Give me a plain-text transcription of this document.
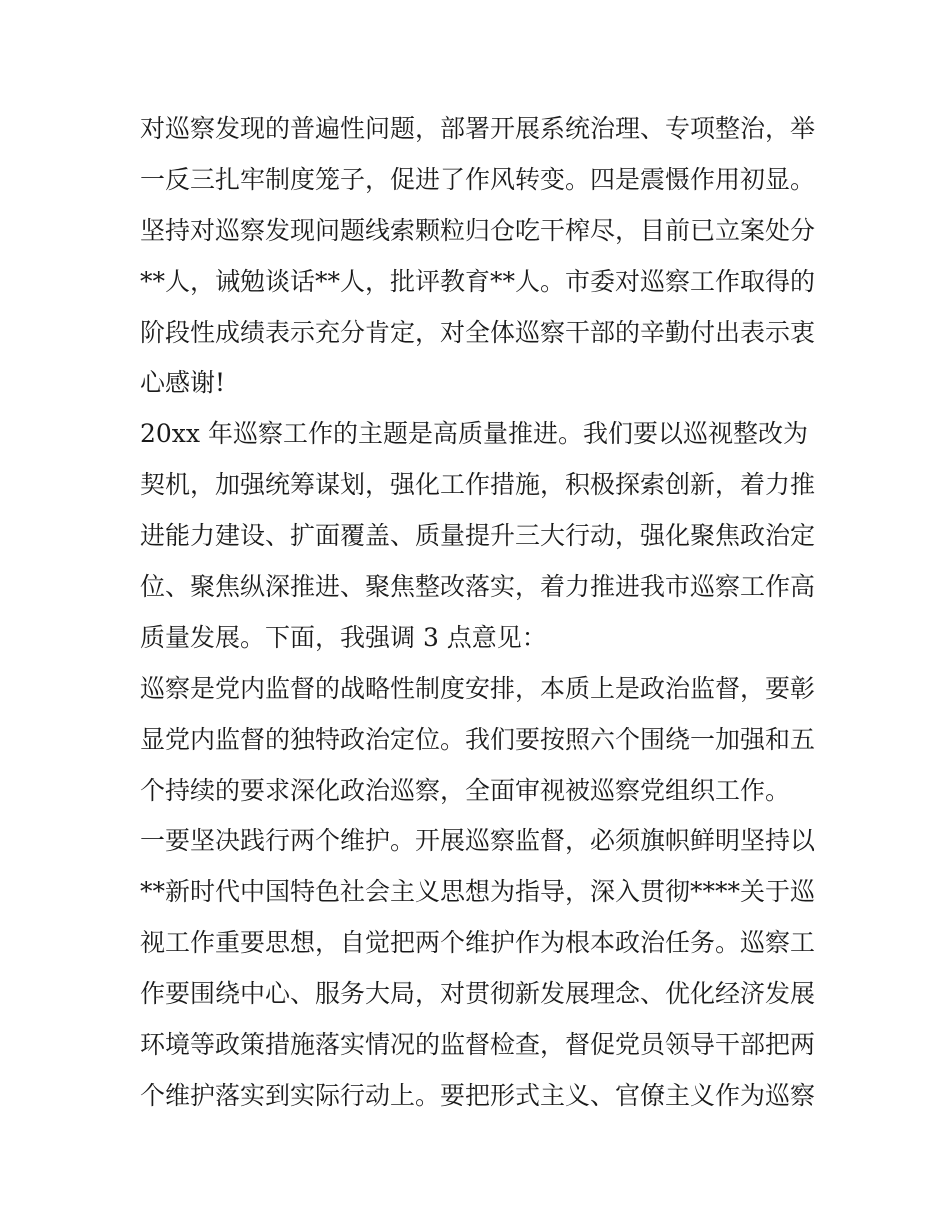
对巡察发现的普遍性问题，部署开展系统治理、专项整治，举
一反三扎牢制度笼子，促进了作风转变。四是震慑作用初显。
坚持对巡察发现问题线索颗粒归仓吃干榨尽，目前已立案处分
**人，诫勉谈话**人，批评教育**人。市委对巡察工作取得的
阶段性成绩表示充分肯定，对全体巡察干部的辛勤付出表示衷
心感谢!
20xx 年巡察工作的主题是高质量推进。我们要以巡视整改为
契机，加强统筹谋划，强化工作措施，积极探索创新，着力推
进能力建设、扩面覆盖、质量提升三大行动，强化聚焦政治定
位、聚焦纵深推进、聚焦整改落实，着力推进我市巡察工作高
质量发展。下面，我强调 3 点意见：
巡察是党内监督的战略性制度安排，本质上是政治监督，要彰
显党内监督的独特政治定位。我们要按照六个围绕一加强和五
个持续的要求深化政治巡察，全面审视被巡察党组织工作。
一要坚决践行两个维护。开展巡察监督，必须旗帜鲜明坚持以
**新时代中国特色社会主义思想为指导，深入贯彻****关于巡
视工作重要思想，自觉把两个维护作为根本政治任务。巡察工
作要围绕中心、服务大局，对贯彻新发展理念、优化经济发展
环境等政策措施落实情况的监督检查，督促党员领导干部把两
个维护落实到实际行动上。要把形式主义、官僚主义作为巡察
